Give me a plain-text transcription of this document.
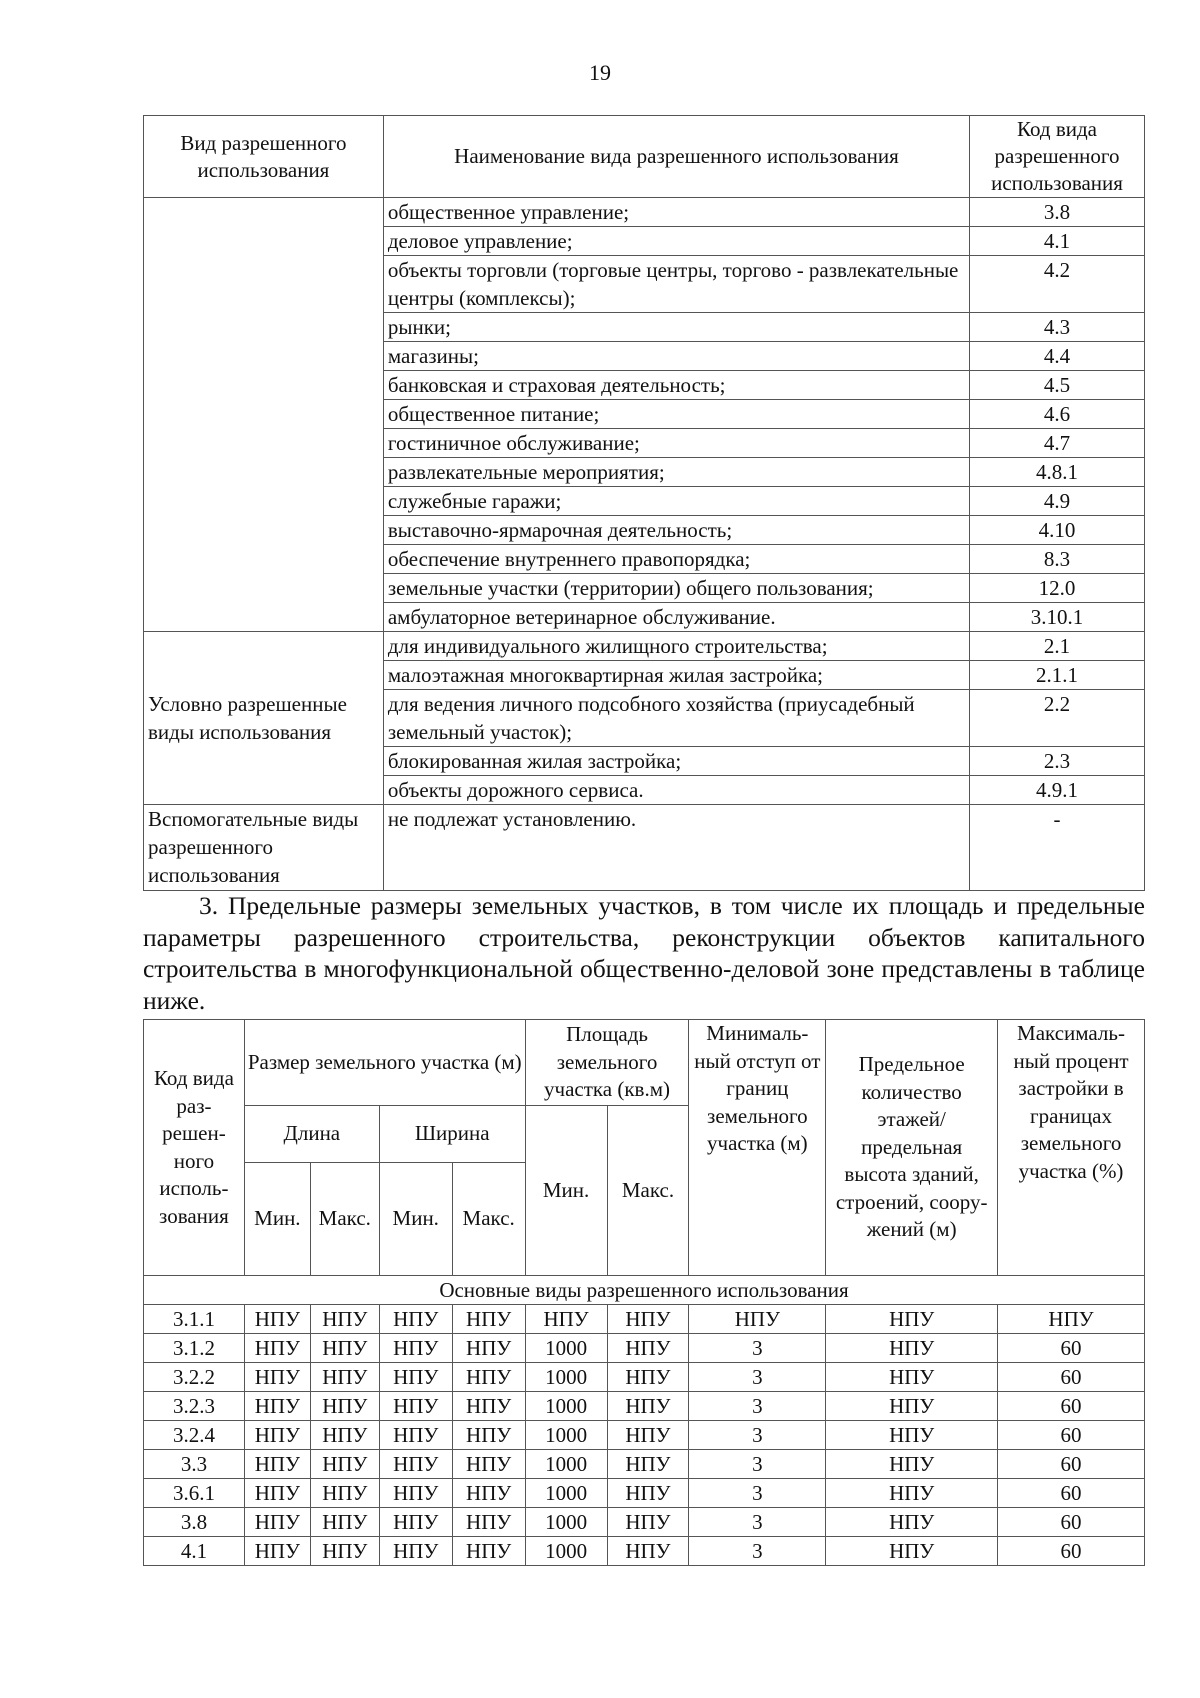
19
Вид разрешенного использования	Наименование вида разрешенного использования	Код вида разрешенного использования
	общественное управление;	3.8
	деловое управление;	4.1
	объекты торговли (торговые центры, торгово - развлекательные центры (комплексы);	4.2
	рынки;	4.3
	магазины;	4.4
	банковская и страховая деятельность;	4.5
	общественное питание;	4.6
	гостиничное обслуживание;	4.7
	развлекательные мероприятия;	4.8.1
	служебные гаражи;	4.9
	выставочно-ярмарочная деятельность;	4.10
	обеспечение внутреннего правопорядка;	8.3
	земельные участки (территории) общего пользования;	12.0
	амбулаторное ветеринарное обслуживание.	3.10.1
Условно разрешенные виды использования	для индивидуального жилищного строительства;	2.1
	малоэтажная многоквартирная жилая застройка;	2.1.1
	для ведения личного подсобного хозяйства (приусадебный земельный участок);	2.2
	блокированная жилая застройка;	2.3
	объекты дорожного сервиса.	4.9.1
Вспомогательные виды разрешенного использования	не подлежат установлению.	-

3. Предельные размеры земельных участков, в том числе их площадь и предельные параметры разрешенного строительства, реконструкции объектов капитального строительства в многофункциональной общественно-деловой зоне представлены в таблице ниже.

Код вида раз-решен-ного исполь-зования	Размер земельного участка (м)				Площадь земельного участка (кв.м)		Минималь-ный отступ от границ земельного участка (м)	Предельное количество этажей/ предельная высота зданий, строений, соору-жений (м)	Максималь-ный процент застройки в границах земельного участка (%)
	Длина		Ширина		Мин.	Макс.			
	Мин.	Макс.	Мин.	Макс.					
Основные виды разрешенного использования									
3.1.1	НПУ	НПУ	НПУ	НПУ	НПУ	НПУ	НПУ	НПУ	НПУ
3.1.2	НПУ	НПУ	НПУ	НПУ	1000	НПУ	3	НПУ	60
3.2.2	НПУ	НПУ	НПУ	НПУ	1000	НПУ	3	НПУ	60
3.2.3	НПУ	НПУ	НПУ	НПУ	1000	НПУ	3	НПУ	60
3.2.4	НПУ	НПУ	НПУ	НПУ	1000	НПУ	3	НПУ	60
3.3	НПУ	НПУ	НПУ	НПУ	1000	НПУ	3	НПУ	60
3.6.1	НПУ	НПУ	НПУ	НПУ	1000	НПУ	3	НПУ	60
3.8	НПУ	НПУ	НПУ	НПУ	1000	НПУ	3	НПУ	60
4.1	НПУ	НПУ	НПУ	НПУ	1000	НПУ	3	НПУ	60
